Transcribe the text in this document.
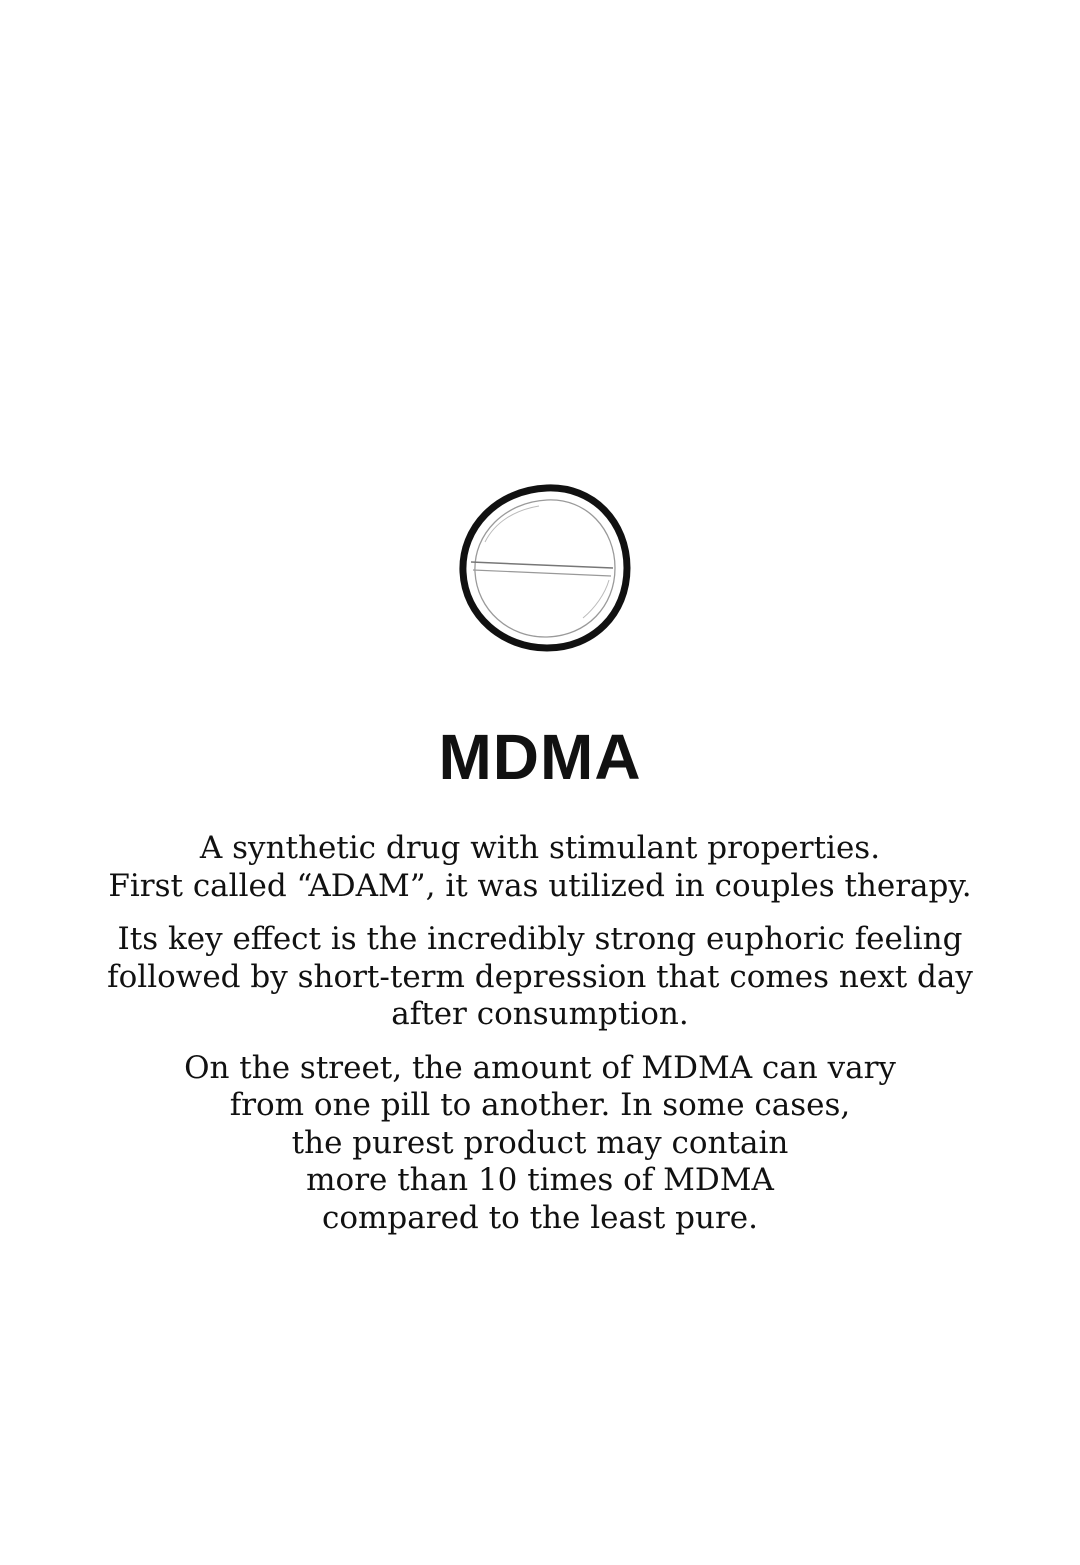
MDMA

A synthetic drug with stimulant properties.
First called “ADAM”, it was utilized in couples therapy.

Its key effect is the incredibly strong euphoric feeling
followed by short-term depression that comes next day
after consumption.

On the street, the amount of MDMA can vary
from one pill to another. In some cases,
the purest product may contain
more than 10 times of MDMA
compared to the least pure.
